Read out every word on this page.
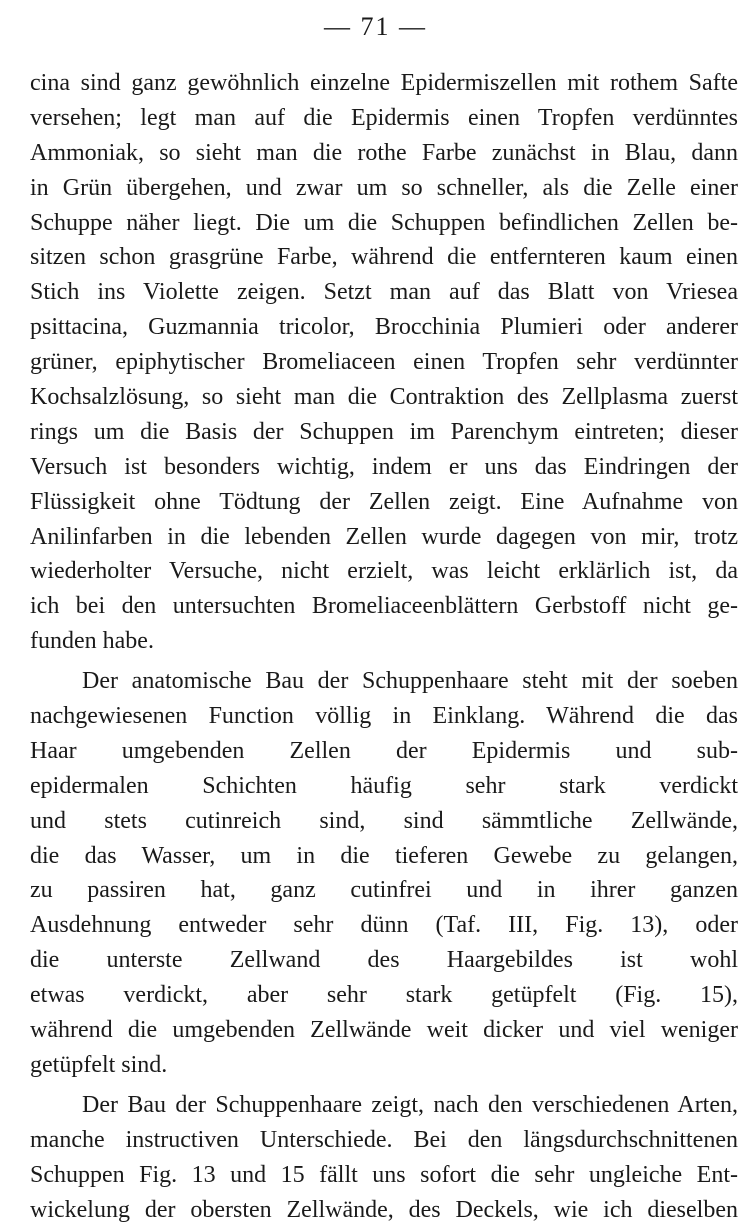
— 71 —
cina sind ganz gewöhnlich einzelne Epidermiszellen mit rothem Safte
versehen; legt man auf die Epidermis einen Tropfen verdünntes
Ammoniak, so sieht man die rothe Farbe zunächst in Blau, dann
in Grün übergehen, und zwar um so schneller, als die Zelle einer
Schuppe näher liegt. Die um die Schuppen befindlichen Zellen be-
sitzen schon grasgrüne Farbe, während die entfernteren kaum einen
Stich ins Violette zeigen. Setzt man auf das Blatt von Vriesea
psittacina, Guzmannia tricolor, Brocchinia Plumieri oder anderer
grüner, epiphytischer Bromeliaceen einen Tropfen sehr verdünnter
Kochsalzlösung, so sieht man die Contraktion des Zellplasma zuerst
rings um die Basis der Schuppen im Parenchym eintreten; dieser
Versuch ist besonders wichtig, indem er uns das Eindringen der
Flüssigkeit ohne Tödtung der Zellen zeigt. Eine Aufnahme von
Anilinfarben in die lebenden Zellen wurde dagegen von mir, trotz
wiederholter Versuche, nicht erzielt, was leicht erklärlich ist, da
ich bei den untersuchten Bromeliaceenblättern Gerbstoff nicht ge-
funden habe.
Der anatomische Bau der Schuppenhaare steht mit der soeben
nachgewiesenen Function völlig in Einklang. Während die das
Haar umgebenden Zellen der Epidermis und sub-
epidermalen Schichten häufig sehr stark verdickt
und stets cutinreich sind, sind sämmtliche Zellwände,
die das Wasser, um in die tieferen Gewebe zu gelangen,
zu passiren hat, ganz cutinfrei und in ihrer ganzen
Ausdehnung entweder sehr dünn (Taf. III, Fig. 13), oder
die unterste Zellwand des Haargebildes ist wohl
etwas verdickt, aber sehr stark getüpfelt (Fig. 15),
während die umgebenden Zellwände weit dicker und viel weniger
getüpfelt sind.
Der Bau der Schuppenhaare zeigt, nach den verschiedenen Arten,
manche instructiven Unterschiede. Bei den längsdurchschnittenen
Schuppen Fig. 13 und 15 fällt uns sofort die sehr ungleiche Ent-
wickelung der obersten Zellwände, des Deckels, wie ich dieselben
